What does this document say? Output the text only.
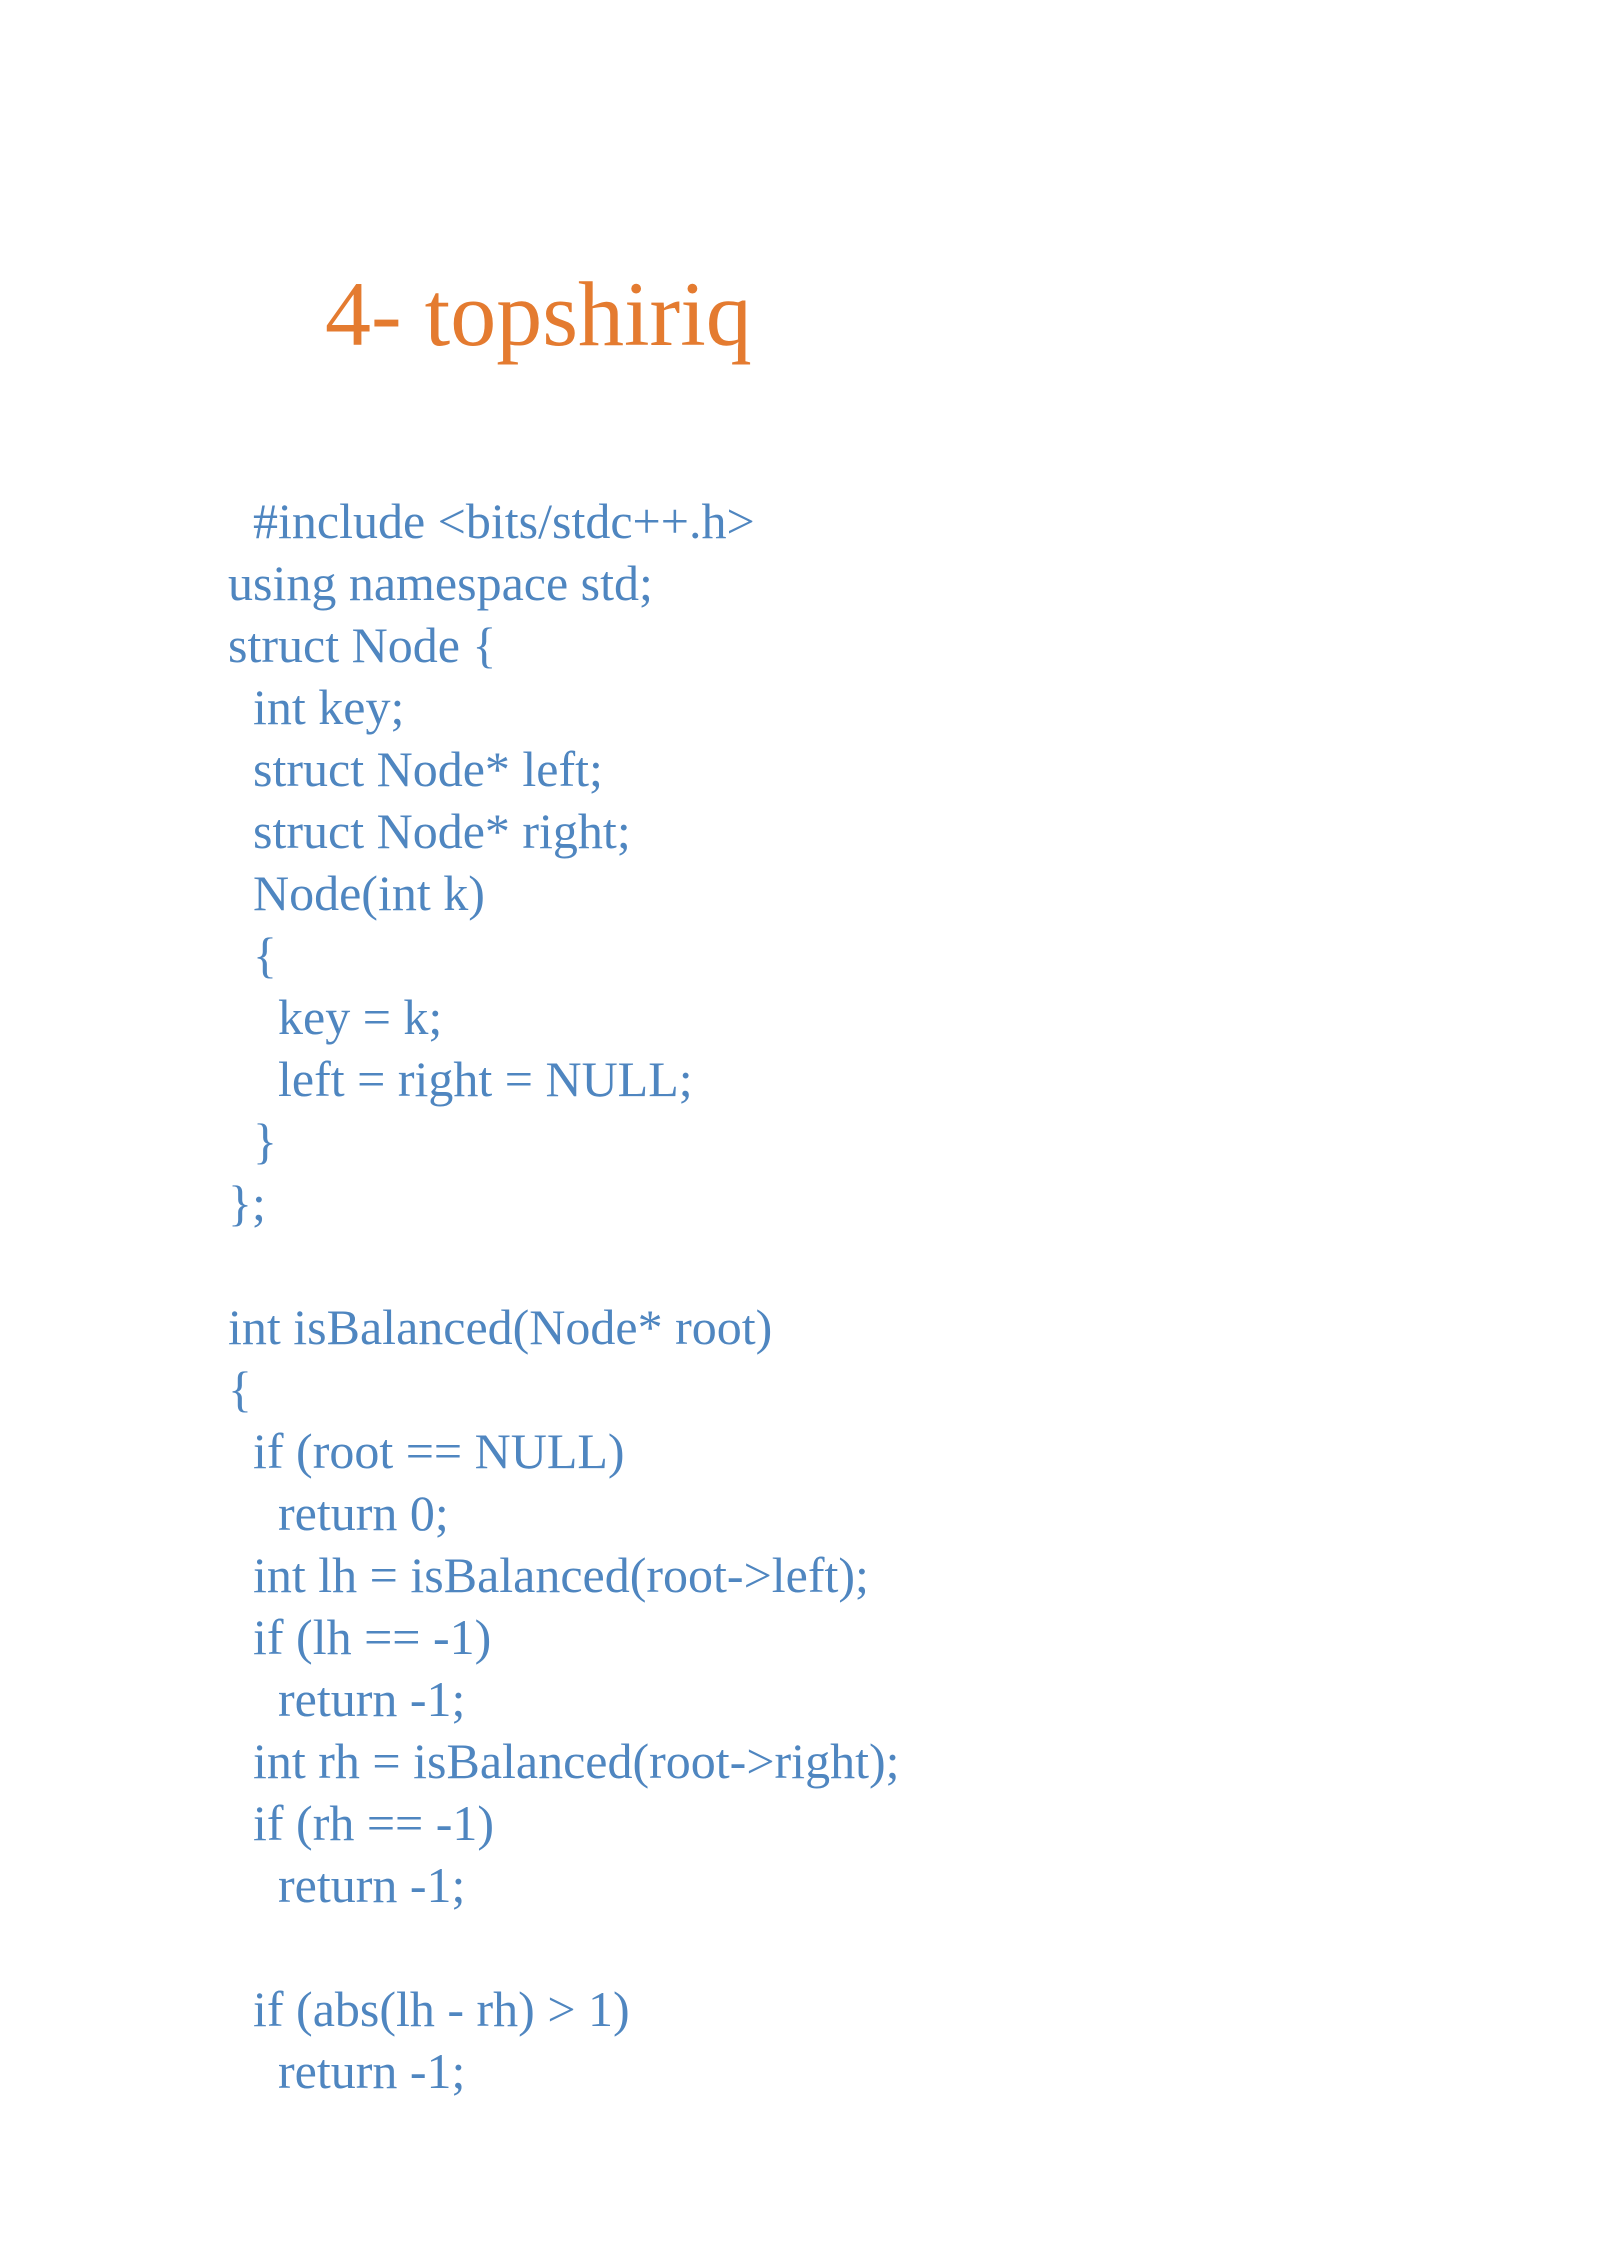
4- topshiriq
#include <bits/stdc++.h>
using namespace std;
struct Node {
int key;
struct Node* left;
struct Node* right;
Node(int k)
{
key = k;
left = right = NULL;
}
};
int isBalanced(Node* root)
{
if (root == NULL)
return 0;
int lh = isBalanced(root->left);
if (lh == -1)
return -1;
int rh = isBalanced(root->right);
if (rh == -1)
return -1;
if (abs(lh - rh) > 1)
return -1;
